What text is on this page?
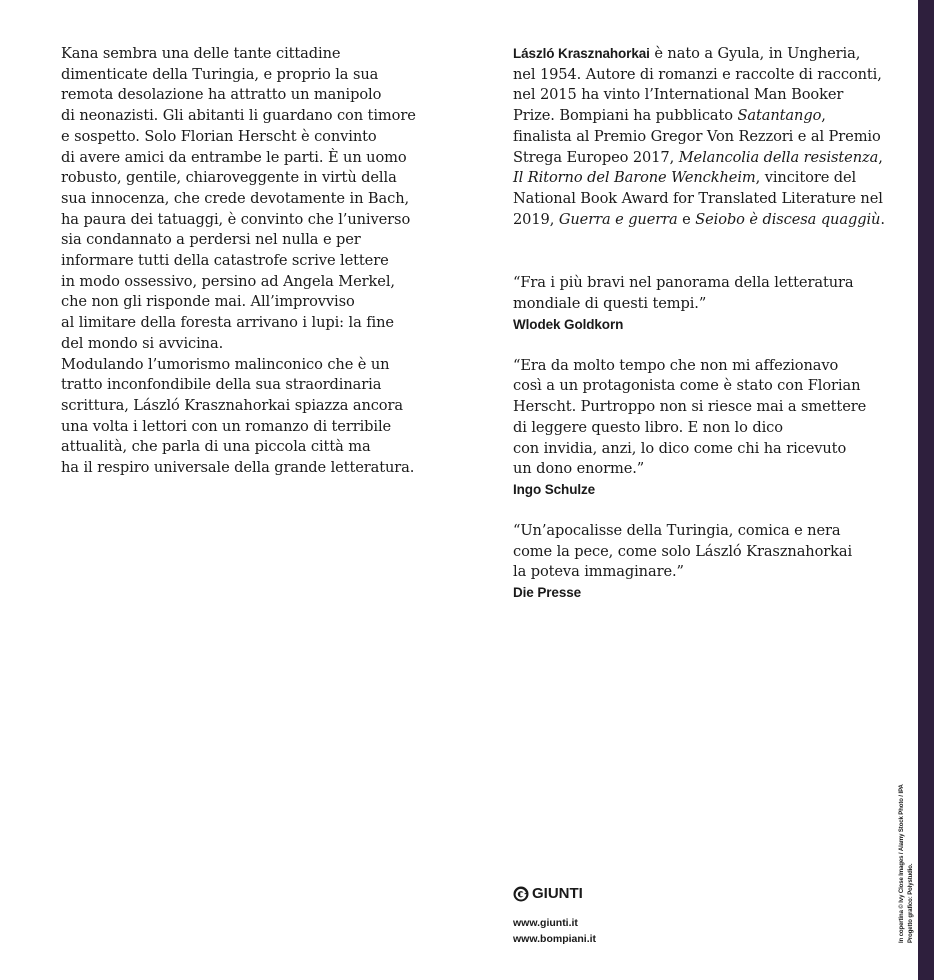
Kana sembra una delle tante cittadine
dimenticate della Turingia, e proprio la sua
remota desolazione ha attratto un manipolo
di neonazisti. Gli abitanti li guardano con timore
e sospetto. Solo Florian Herscht è convinto
di avere amici da entrambe le parti. È un uomo
robusto, gentile, chiaroveggente in virtù della
sua innocenza, che crede devotamente in Bach,
ha paura dei tatuaggi, è convinto che l’universo
sia condannato a perdersi nel nulla e per
informare tutti della catastrofe scrive lettere
in modo ossessivo, persino ad Angela Merkel,
che non gli risponde mai. All’improvviso
al limitare della foresta arrivano i lupi: la fine
del mondo si avvicina.

Modulando l’umorismo malinconico che è un
tratto inconfondibile della sua straordinaria
scrittura, László Krasznahorkai spiazza ancora
una volta i lettori con un romanzo di terribile
attualità, che parla di una piccola città ma
ha il respiro universale della grande letteratura.

László Krasznahorkai è nato a Gyula, in Ungheria,
nel 1954. Autore di romanzi e raccolte di racconti,
nel 2015 ha vinto l’International Man Booker
Prize. Bompiani ha pubblicato Satantango,
finalista al Premio Gregor Von Rezzori e al Premio
Strega Europeo 2017, Melancolia della resistenza,
Il Ritorno del Barone Wenckheim, vincitore del
National Book Award for Translated Literature nel
2019, Guerra e guerra e Seiobo è discesa quaggiù.

“Fra i più bravi nel panorama della letteratura
mondiale di questi tempi.”
Wlodek Goldkorn

“Era da molto tempo che non mi affezionavo
così a un protagonista come è stato con Florian
Herscht. Purtroppo non si riesce mai a smettere
di leggere questo libro. E non lo dico
con invidia, anzi, lo dico come chi ha ricevuto
un dono enorme.”
Ingo Schulze

“Un’apocalisse della Turingia, comica e nera
come la pece, come solo László Krasznahorkai
la poteva immaginare.”
Die Presse

GIUNTI
www.giunti.it
www.bompiani.it	In copertina © Ivy Close Images / Alamy Stock Photo / IPA Progetto grafico: Polystudio.
